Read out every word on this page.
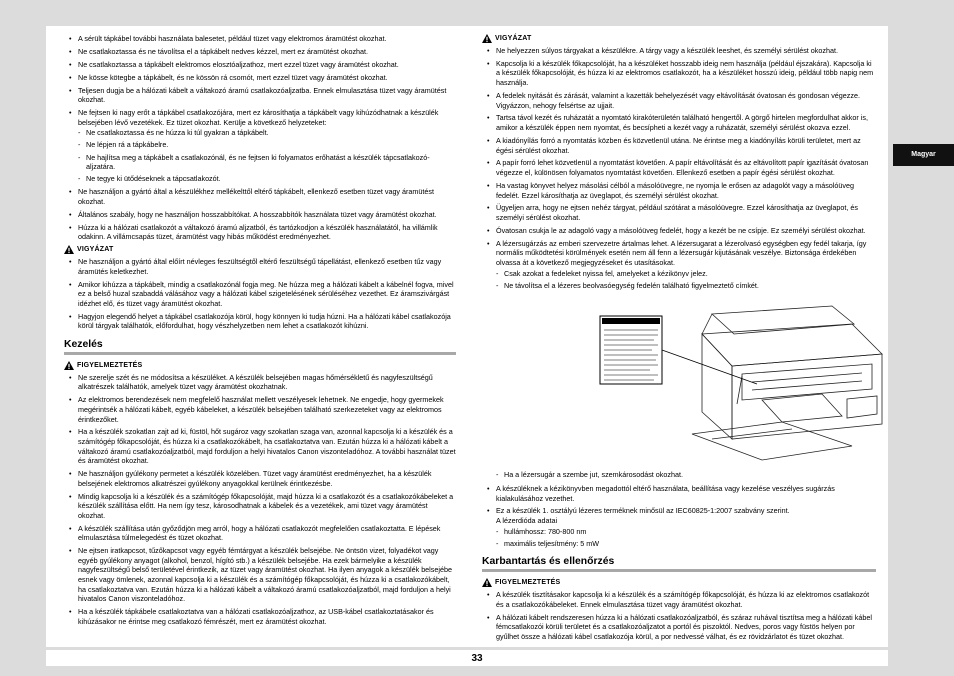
33
Magyar
• A sérült tápkábel további használata balesetet, például tüzet vagy elektromos áramütést okozhat.
• Ne csatlakoztassa és ne távolítsa el a tápkábelt nedves kézzel, mert ez áramütést okozhat.
• Ne csatlakoztassa a tápkábelt elektromos elosztóaljzathoz, mert ezzel tüzet vagy áramütést okozhat.
• Ne kösse kötegbe a tápkábelt, és ne kössön rá csomót, mert ezzel tüzet vagy áramütést okozhat.
• Teljesen dugja be a hálózati kábelt a váltakozó áramú csatlakozóaljzatba. Ennek elmulasztása tüzet vagy áramütést okozhat.
• Ne fejtsen ki nagy erőt a tápkábel csatlakozójára, mert ez károsíthatja a tápkábelt vagy kihúzódhatnak a készülék belsejében lévő vezetékek. Ez tüzet okozhat. Kerülje a következő helyzeteket:
- Ne csatlakoztassa és ne húzza ki túl gyakran a tápkábelt.
- Ne lépjen rá a tápkábelre.
- Ne hajlítsa meg a tápkábelt a csatlakozónál, és ne fejtsen ki folyamatos erőhatást a készülék tápcsatlakozó-aljzatára.
- Ne tegye ki ütődéseknek a tápcsatlakozót.
• Ne használjon a gyártó által a készülékhez mellékelttől eltérő tápkábelt, ellenkező esetben tüzet vagy áramütést okozhat.
• Általános szabály, hogy ne használjon hosszabbítókat. A hosszabbítók használata tüzet vagy áramütést okozhat.
• Húzza ki a hálózati csatlakozót a váltakozó áramú aljzatból, és tartózkodjon a készülék használatától, ha villámlik odakinn. A villámcsapás tüzet, áramütést vagy hibás működést eredményezhet.
VIGYÁZAT
• Ne használjon a gyártó által előírt névleges feszültségtől eltérő feszültségű tápellátást, ellenkező esetben tűz vagy áramütés keletkezhet.
• Amikor kihúzza a tápkábelt, mindig a csatlakozónál fogja meg. Ne húzza meg a hálózati kábelt a kábelnél fogva, mivel ez a belső huzal szabaddá válásához vagy a hálózati kábel szigetelésének sérüléséhez vezethet. Ez áramszivárgást idézhet elő, és tüzet vagy áramütést okozhat.
• Hagyjon elegendő helyet a tápkábel csatlakozója körül, hogy könnyen ki tudja húzni. Ha a hálózati kábel csatlakozója körül tárgyak találhatók, előfordulhat, hogy vészhelyzetben nem lehet a csatlakozót kihúzni.
Kezelés
FIGYELMEZTETÉS
• Ne szerelje szét és ne módosítsa a készüléket. A készülék belsejében magas hőmérsékletű és nagyfeszültségű alkatrészek találhatók, amelyek tüzet vagy áramütést okozhatnak.
• Az elektromos berendezések nem megfelelő használat mellett veszélyesek lehetnek. Ne engedje, hogy gyermekek megérintsék a hálózati kábelt, egyéb kábeleket, a készülék belsejében található szerkezeteket vagy az elektromos érintkezőket.
• Ha a készülék szokatlan zajt ad ki, füstöl, hőt sugároz vagy szokatlan szaga van, azonnal kapcsolja ki a készülék és a számítógép főkapcsolóját, és húzza ki a csatlakozókábelt, ha csatlakoztatva van. Ezután húzza ki a hálózati kábelt a váltakozó áramú csatlakozóaljzatból, majd forduljon a helyi hivatalos Canon viszonteladóhoz. A további használat tüzet és áramütést okozhat.
• Ne használjon gyúlékony permetet a készülék közelében. Tüzet vagy áramütést eredményezhet, ha a készülék belsejének elektromos alkatrészei gyúlékony anyagokkal kerülnek érintkezésbe.
• Mindig kapcsolja ki a készülék és a számítógép főkapcsolóját, majd húzza ki a csatlakozót és a csatlakozókábeleket a készülék szállítása előtt. Ha nem így tesz, károsodhatnak a kábelek és a vezetékek, ami tüzet vagy áramütést okozhat.
• A készülék szállítása után győződjön meg arról, hogy a hálózati csatlakozót megfelelően csatlakoztatta. E lépések elmulasztása túlmelegedést és tüzet okozhat.
• Ne ejtsen iratkapcsot, tűzőkapcsot vagy egyéb fémtárgyat a készülék belsejébe. Ne öntsön vizet, folyadékot vagy egyéb gyúlékony anyagot (alkohol, benzol, hígító stb.) a készülék belsejébe. Ha ezek bármelyike a készülék nagyfeszültségű belső területével érintkezik, az tüzet vagy áramütést okozhat. Ha ilyen anyagok a készülék belsejébe esnek vagy ömlenek, azonnal kapcsolja ki a készülék és a számítógép főkapcsolóját, és húzza ki a csatlakozókábelt, ha csatlakoztatva van. Ezután húzza ki a hálózati kábelt a váltakozó áramú csatlakozóaljzatból, majd forduljon a helyi hivatalos Canon viszonteladóhoz.
• Ha a készülék tápkábele csatlakoztatva van a hálózati csatlakozóaljzathoz, az USB-kábel csatlakoztatásakor és kihúzásakor ne érintse meg csatlakozó fémrészét, mert ez áramütést okozhat.
VIGYÁZAT
• Ne helyezzen súlyos tárgyakat a készülékre. A tárgy vagy a készülék leeshet, és személyi sérülést okozhat.
• Kapcsolja ki a készülék főkapcsolóját, ha a készüléket hosszabb ideig nem használja (például éjszakára). Kapcsolja ki a készülék főkapcsolóját, és húzza ki az elektromos csatlakozót, ha a készüléket hosszú ideig, például több napig nem használja.
• A fedelek nyitását és zárását, valamint a kazetták behelyezését vagy eltávolítását óvatosan és gondosan végezze. Vigyázzon, nehogy felsértse az ujjait.
• Tartsa távol kezét és ruházatát a nyomtató kirakóterületén található hengertől. A görgő hirtelen megfordulhat akkor is, amikor a készülék éppen nem nyomtat, és becsípheti a kezét vagy a ruházatát, személyi sérülést okozva ezzel.
• A kiadónyílás forró a nyomtatás közben és közvetlenül utána. Ne érintse meg a kiadónyílás körüli területet, mert az égési sérülést okozhat.
• A papír forró lehet közvetlenül a nyomtatást követően. A papír eltávolítását és az eltávolított papír igazítását óvatosan végezze el, különösen folyamatos nyomtatást követően. Ellenkező esetben a papír égési sérülést okozhat.
• Ha vastag könyvet helyez másolási célból a másolóüvegre, ne nyomja le erősen az adagolót vagy a másolóüveg fedelét. Ezzel károsíthatja az üveglapot, és személyi sérülést okozhat.
• Ügyeljen arra, hogy ne ejtsen nehéz tárgyat, például szótárat a másolóüvegre. Ezzel károsíthatja az üveglapot, és személyi sérülést okozhat.
• Óvatosan csukja le az adagoló vagy a másolóüveg fedelét, hogy a kezét be ne csípje. Ez személyi sérülést okozhat.
• A lézersugárzás az emberi szervezetre ártalmas lehet. A lézersugarat a lézerolvasó egységben egy fedél takarja, így normális működtetési körülmények esetén nem áll fenn a lézersugár kijutásának veszélye. Biztonsága érdekében olvassa át a következő megjegyzéseket és utasításokat.
- Csak azokat a fedeleket nyissa fel, amelyeket a kézikönyv jelez.
- Ne távolítsa el a lézeres beolvasóegység fedelén található figyelmeztető címkét.
- Ha a lézersugár a szembe jut, szemkárosodást okozhat.
• A készüléknek a kézikönyvben megadottól eltérő használata, beállítása vagy kezelése veszélyes sugárzás kialakulásához vezethet.
• Ez a készülék 1. osztályú lézeres terméknek minősül az IEC60825-1:2007 szabvány szerint.
A lézerdióda adatai
- hullámhossz: 780-800 nm
- maximális teljesítmény: 5 mW
Karbantartás és ellenőrzés
FIGYELMEZTETÉS
• A készülék tisztításakor kapcsolja ki a készülék és a számítógép főkapcsolóját, és húzza ki az elektromos csatlakozót és a csatlakozókábeleket. Ennek elmulasztása tüzet vagy áramütést okozhat.
• A hálózati kábelt rendszeresen húzza ki a hálózati csatlakozóaljzatból, és száraz ruhával tisztítsa meg a hálózati kábel fémcsatlakozói körüli területet és a csatlakozóaljzatot a portól és piszoktól. Nedves, poros vagy füstös helyen por gyűlhet össze a hálózati kábel csatlakozója körül, a por nedvessé válhat, és ez rövidzárlatot és tüzet okozhat.
